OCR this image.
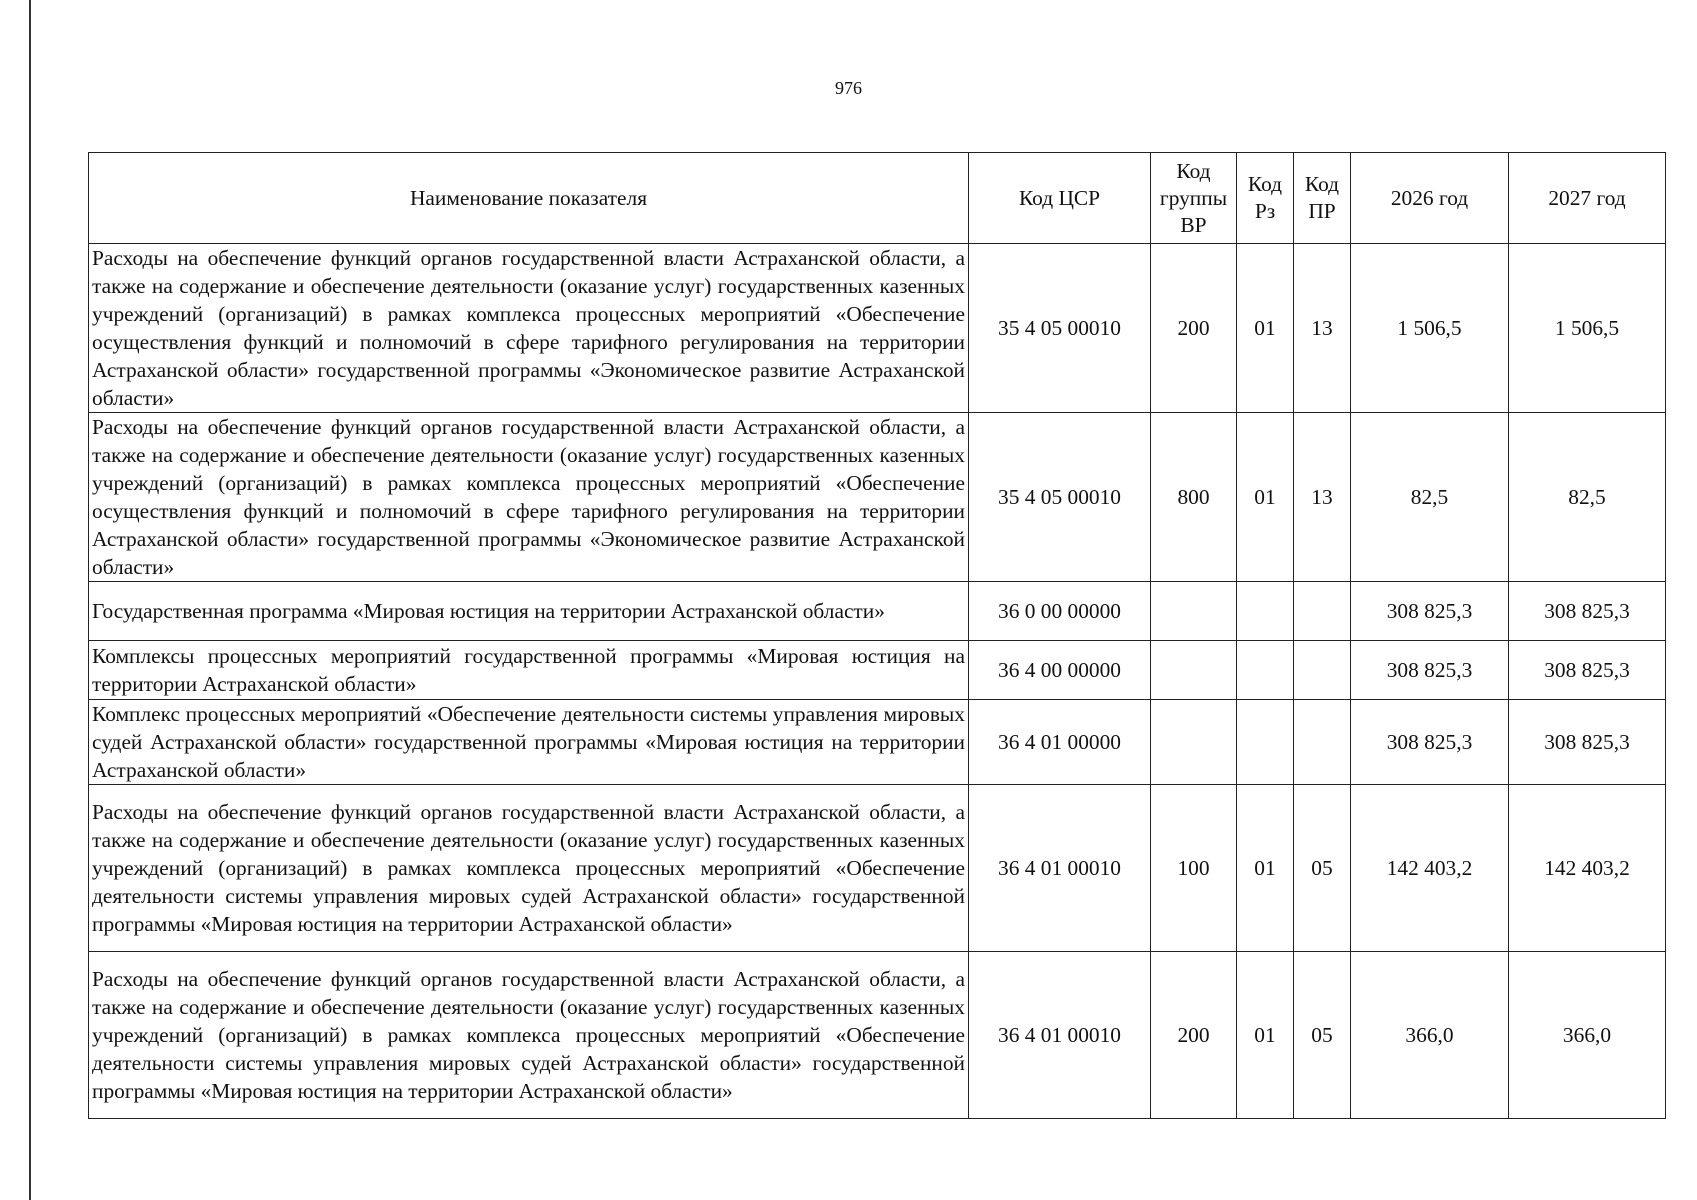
976
Наименование показателя	Код ЦСР	Код группы ВР	Код Рз	Код ПР	2026 год	2027 год
Расходы на обеспечение функций органов государственной власти Астраханской области, а также на содержание и обеспечение деятельности (оказание услуг) государственных казенных учреждений (организаций) в рамках комплекса процессных мероприятий «Обеспечение осуществления функций и полномочий в сфере тарифного регулирования на территории Астраханской области» государственной программы «Экономическое развитие Астраханской области»	35 4 05 00010	200	01	13	1 506,5	1 506,5
Расходы на обеспечение функций органов государственной власти Астраханской области, а также на содержание и обеспечение деятельности (оказание услуг) государственных казенных учреждений (организаций) в рамках комплекса процессных мероприятий «Обеспечение осуществления функций и полномочий в сфере тарифного регулирования на территории Астраханской области» государственной программы «Экономическое развитие Астраханской области»	35 4 05 00010	800	01	13	82,5	82,5
Государственная программа «Мировая юстиция на территории Астраханской области»	36 0 00 00000				308 825,3	308 825,3
Комплексы процессных мероприятий государственной программы «Мировая юстиция на территории Астраханской области»	36 4 00 00000				308 825,3	308 825,3
Комплекс процессных мероприятий «Обеспечение деятельности системы управления мировых судей Астраханской области» государственной программы «Мировая юстиция на территории Астраханской области»	36 4 01 00000				308 825,3	308 825,3
Расходы на обеспечение функций органов государственной власти Астраханской области, а также на содержание и обеспечение деятельности (оказание услуг) государственных казенных учреждений (организаций) в рамках комплекса процессных мероприятий «Обеспечение деятельности системы управления мировых судей Астраханской области» государственной программы «Мировая юстиция на территории Астраханской области»	36 4 01 00010	100	01	05	142 403,2	142 403,2
Расходы на обеспечение функций органов государственной власти Астраханской области, а также на содержание и обеспечение деятельности (оказание услуг) государственных казенных учреждений (организаций) в рамках комплекса процессных мероприятий «Обеспечение деятельности системы управления мировых судей Астраханской области» государственной программы «Мировая юстиция на территории Астраханской области»	36 4 01 00010	200	01	05	366,0	366,0
